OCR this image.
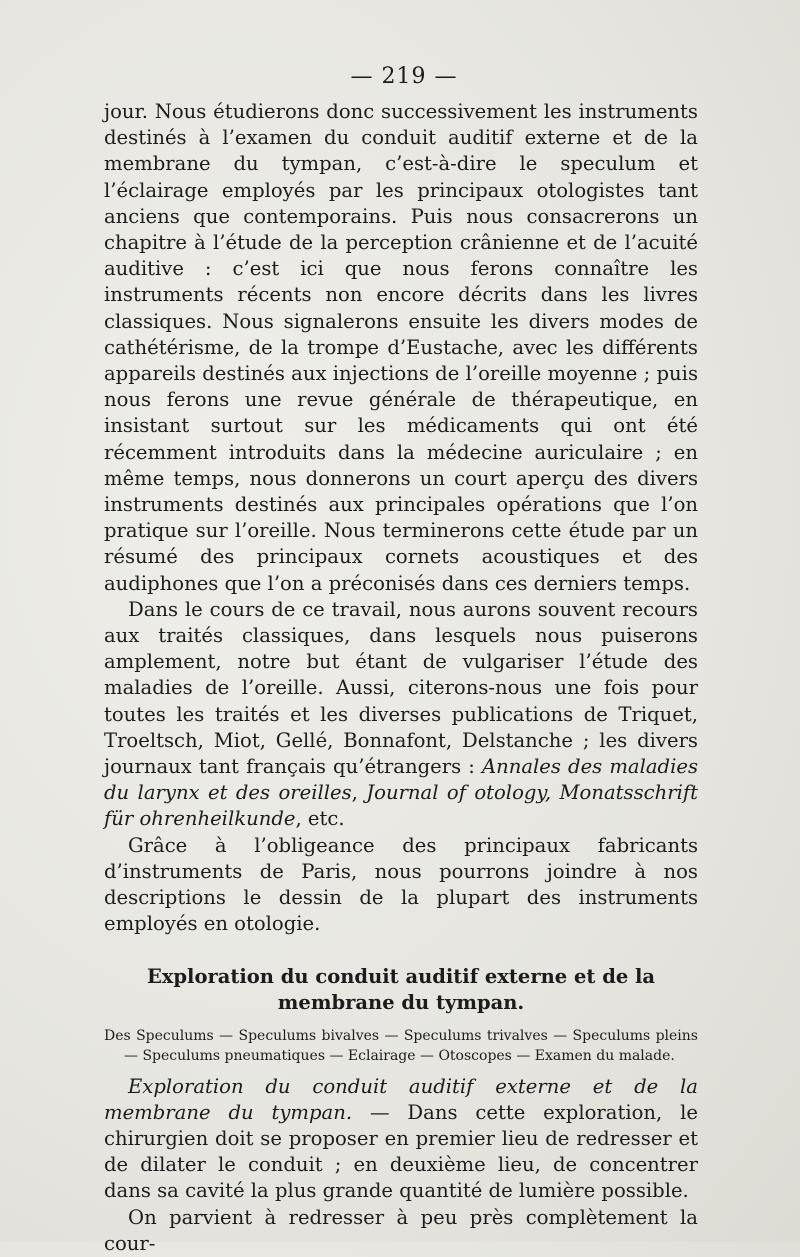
— 219 —

jour. Nous étudierons donc successivement les instruments destinés à l’examen du conduit auditif externe et de la membrane du tympan, c’est-à-dire le speculum et l’éclairage employés par les principaux otologistes tant anciens que contemporains. Puis nous consacrerons un chapitre à l’étude de la perception crânienne et de l’acuité auditive : c’est ici que nous ferons connaître les instruments récents non encore décrits dans les livres classiques. Nous signalerons ensuite les divers modes de cathétérisme, de la trompe d’Eustache, avec les différents appareils destinés aux injections de l’oreille moyenne ; puis nous ferons une revue générale de thérapeutique, en insistant surtout sur les médicaments qui ont été récemment introduits dans la médecine auriculaire ; en même temps, nous donnerons un court aperçu des divers instruments destinés aux principales opérations que l’on pratique sur l’oreille. Nous terminerons cette étude par un résumé des principaux cornets acoustiques et des audiphones que l’on a préconisés dans ces derniers temps.

Dans le cours de ce travail, nous aurons souvent recours aux traités classiques, dans lesquels nous puiserons amplement, notre but étant de vulgariser l’étude des maladies de l’oreille. Aussi, citerons-nous une fois pour toutes les traités et les diverses publications de Triquet, Troeltsch, Miot, Gellé, Bonnafont, Delstanche ; les divers journaux tant français qu’étrangers : Annales des maladies du larynx et des oreilles, Journal of otology, Monatsschrift für ohrenheilkunde, etc.

Grâce à l’obligeance des principaux fabricants d’instruments de Paris, nous pourrons joindre à nos descriptions le dessin de la plupart des instruments employés en otologie.

Exploration du conduit auditif externe et de la membrane du tympan.

Des Speculums — Speculums bivalves — Speculums trivalves — Speculums pleins — Speculums pneumatiques — Eclairage — Otoscopes — Examen du malade.

Exploration du conduit auditif externe et de la membrane du tympan. — Dans cette exploration, le chirurgien doit se proposer en premier lieu de redresser et de dilater le conduit ; en deuxième lieu, de concentrer dans sa cavité la plus grande quantité de lumière possible.

On parvient à redresser à peu près complètement la cour-
